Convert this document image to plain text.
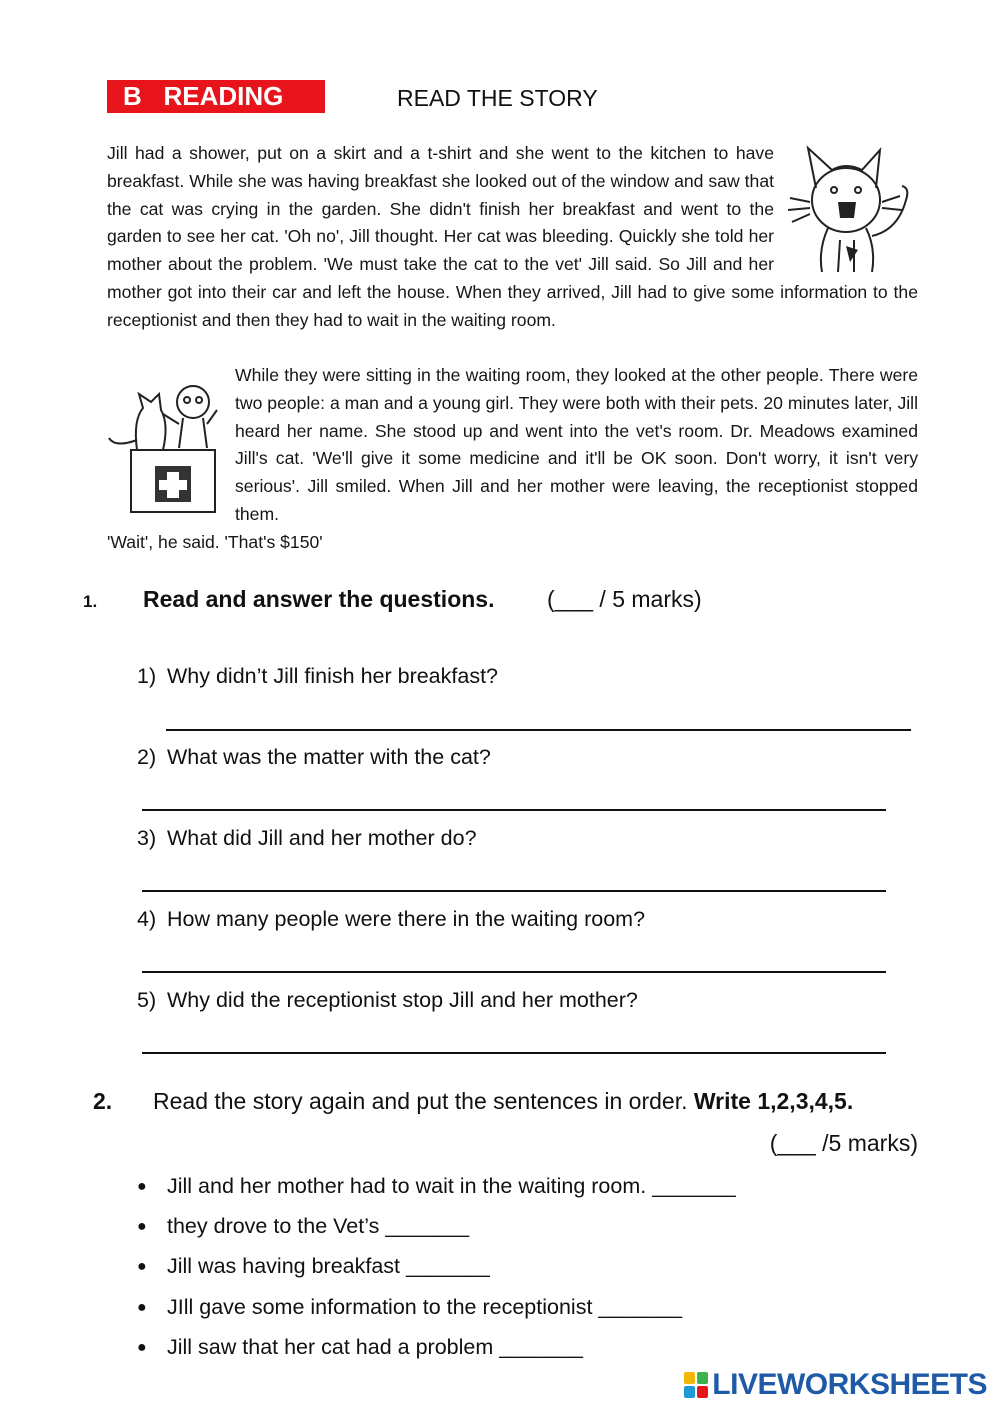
B   READING	READ THE STORY

Jill had a shower, put on a skirt and a t-shirt and she went to the kitchen to have breakfast. While she was having breakfast she looked out of the window and saw that the cat was crying in the garden. She didn't finish her breakfast and went to the garden to see her cat. 'Oh no', Jill thought. Her cat was bleeding. Quickly she told her mother about the problem. 'We must take the cat to the vet' Jill said. So Jill and her mother got into their car and left the house. When they arrived, Jill had to give some information to the receptionist and then they had to wait in the waiting room.

While they were sitting in the waiting room, they looked at the other people. There were two people: a man and a young girl. They were both with their pets. 20 minutes later, Jill heard her name. She stood up and went into the vet's room. Dr. Meadows examined Jill's cat. 'We'll give it some medicine and it'll be OK soon. Don't worry, it isn't very serious'. Jill smiled. When Jill and her mother were leaving, the receptionist stopped them.

'Wait', he said. 'That's $150'

1. Read and answer the questions. (___ / 5 marks)
1) Why didn’t Jill finish her breakfast?
2) What was the matter with the cat?
3) What did Jill and her mother do?
4) How many people were there in the waiting room?
5) Why did the receptionist stop Jill and her mother?
2. Read the story again and put the sentences in order. Write 1,2,3,4,5.
(___ /5 marks)
● Jill and her mother had to wait in the waiting room. _______
● they drove to the Vet’s _______
● Jill was having breakfast _______
● JIll gave some information to the receptionist _______
● Jill saw that her cat had a problem _______
LIVEWORKSHEETS
